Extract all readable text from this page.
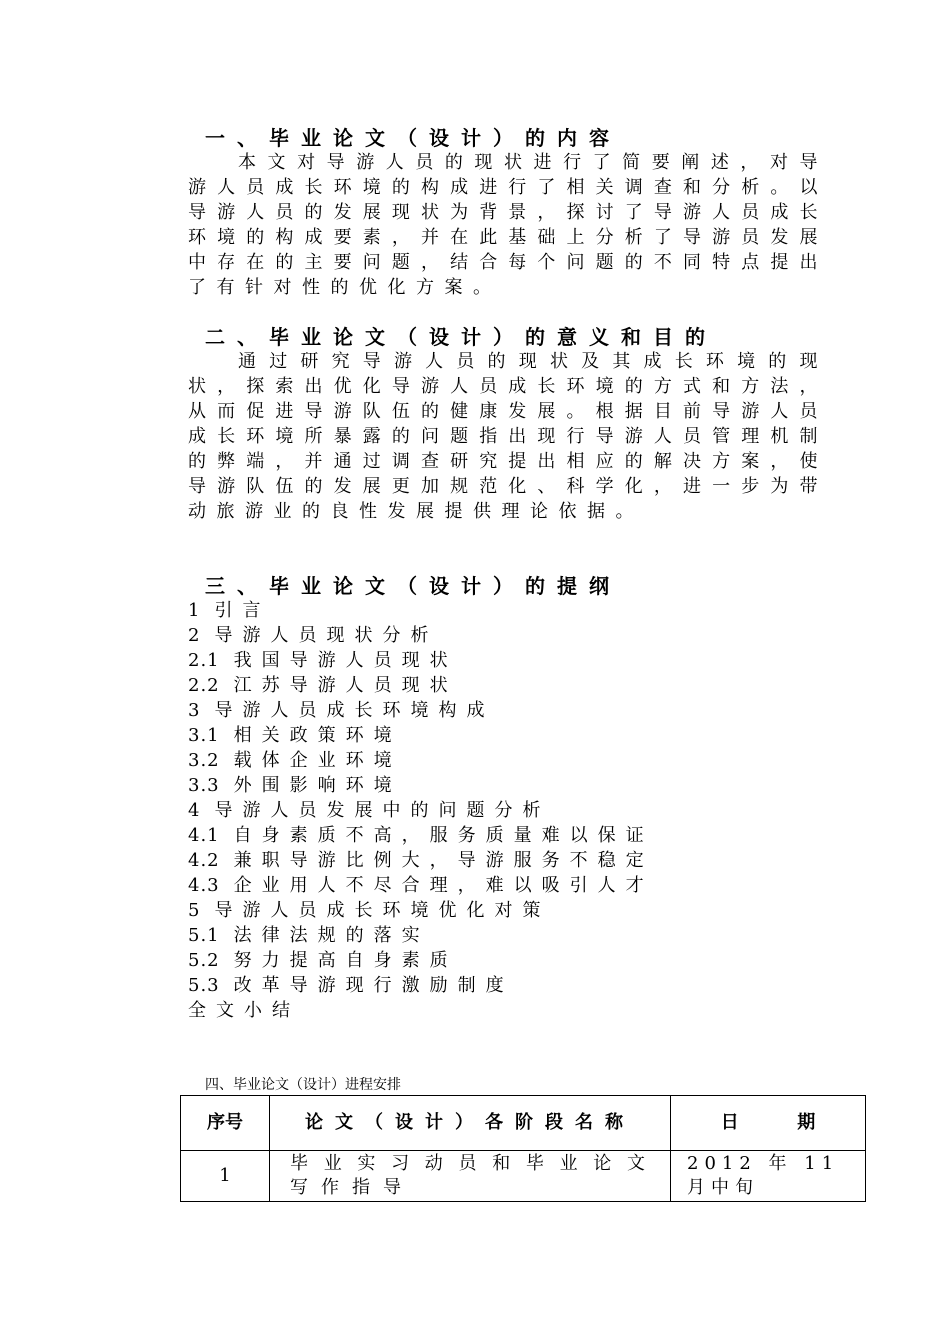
一、毕业论文（设计）的内容

本文对导游人员的现状进行了简要阐述，对导游人员成长环境的构成进行了相关调查和分析。以导游人员的发展现状为背景，探讨了导游人员成长环境的构成要素，并在此基础上分析了导游员发展中存在的主要问题，结合每个问题的不同特点提出了有针对性的优化方案。

二、毕业论文（设计）的意义和目的

通过研究导游人员的现状及其成长环境的现状，探索出优化导游人员成长环境的方式和方法，从而促进导游队伍的健康发展。根据目前导游人员成长环境所暴露的问题指出现行导游人员管理机制的弊端，并通过调查研究提出相应的解决方案，使导游队伍的发展更加规范化、科学化，进一步为带动旅游业的良性发展提供理论依据。

三、毕业论文（设计）的提纲
1 引言
2 导游人员现状分析
2.1 我国导游人员现状
2.2 江苏导游人员现状
3 导游人员成长环境构成
3.1 相关政策环境
3.2 载体企业环境
3.3 外围影响环境
4 导游人员发展中的问题分析
4.1 自身素质不高，服务质量难以保证
4.2 兼职导游比例大，导游服务不稳定
4.3 企业用人不尽合理，难以吸引人才
5 导游人员成长环境优化对策
5.1 法律法规的落实
5.2 努力提高自身素质
5.3 改革导游现行激励制度
全文小结
四、毕业论文（设计）进程安排
序号	论文（设计）各阶段名称	日 期
1	毕业实习动员和毕业论文写作指导	2012 年 11 月中旬
